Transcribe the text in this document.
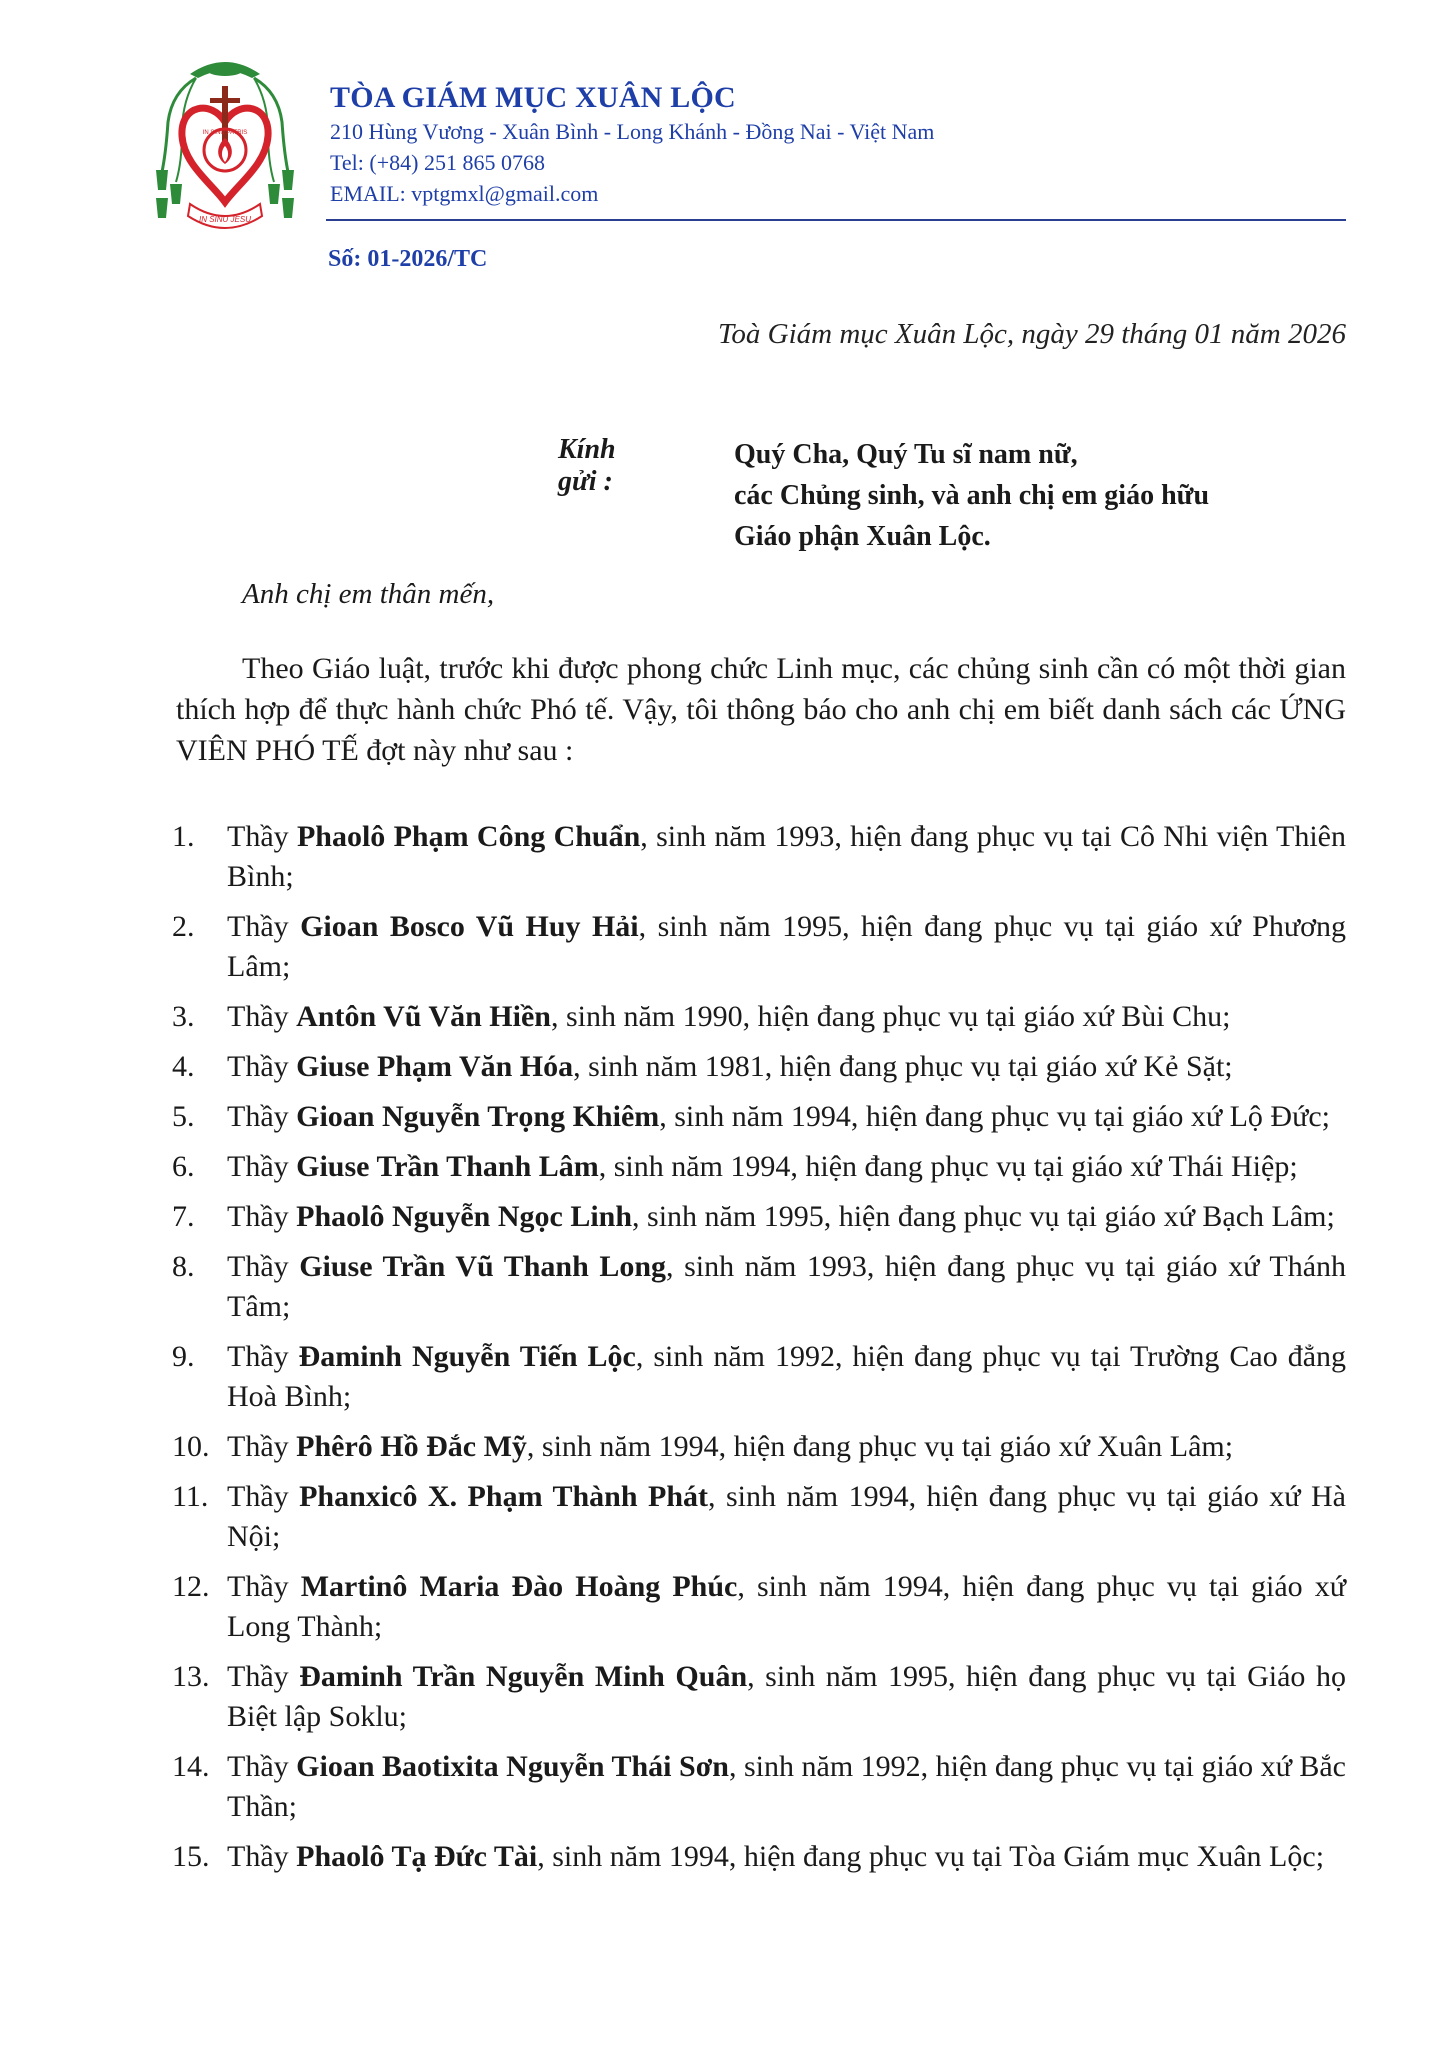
IN SINU PATRIS
IN SINU JESU
TÒA GIÁM MỤC XUÂN LỘC
210 Hùng Vương - Xuân Bình - Long Khánh - Đồng Nai - Việt Nam
Tel: (+84) 251 865 0768
EMAIL: vptgmxl@gmail.com
Số: 01-2026/TC
Toà Giám mục Xuân Lộc, ngày 29 tháng 01 năm 2026
Kính gửi :
Quý Cha, Quý Tu sĩ nam nữ,
các Chủng sinh, và anh chị em giáo hữu
Giáo phận Xuân Lộc.
Anh chị em thân mến,
Theo Giáo luật, trước khi được phong chức Linh mục, các chủng sinh cần có một thời gian thích hợp để thực hành chức Phó tế. Vậy, tôi thông báo cho anh chị em biết danh sách các ỨNG VIÊN PHÓ TẾ đợt này như sau :
1.	Thầy Phaolô Phạm Công Chuẩn, sinh năm 1993, hiện đang phục vụ tại Cô Nhi viện Thiên Bình;
2.	Thầy Gioan Bosco Vũ Huy Hải, sinh năm 1995, hiện đang phục vụ tại giáo xứ Phương Lâm;
3.	Thầy Antôn Vũ Văn Hiền, sinh năm 1990, hiện đang phục vụ tại giáo xứ Bùi Chu;
4.	Thầy Giuse Phạm Văn Hóa, sinh năm 1981, hiện đang phục vụ tại giáo xứ Kẻ Sặt;
5.	Thầy Gioan Nguyễn Trọng Khiêm, sinh năm 1994, hiện đang phục vụ tại giáo xứ Lộ Đức;
6.	Thầy Giuse Trần Thanh Lâm, sinh năm 1994, hiện đang phục vụ tại giáo xứ Thái Hiệp;
7.	Thầy Phaolô Nguyễn Ngọc Linh, sinh năm 1995, hiện đang phục vụ tại giáo xứ Bạch Lâm;
8.	Thầy Giuse Trần Vũ Thanh Long, sinh năm 1993, hiện đang phục vụ tại giáo xứ Thánh Tâm;
9.	Thầy Đaminh Nguyễn Tiến Lộc, sinh năm 1992, hiện đang phục vụ tại Trường Cao đẳng Hoà Bình;
10. Thầy Phêrô Hồ Đắc Mỹ, sinh năm 1994, hiện đang phục vụ tại giáo xứ Xuân Lâm;
11. Thầy Phanxicô X. Phạm Thành Phát, sinh năm 1994, hiện đang phục vụ tại giáo xứ Hà Nội;
12. Thầy Martinô Maria Đào Hoàng Phúc, sinh năm 1994, hiện đang phục vụ tại giáo xứ Long Thành;
13. Thầy Đaminh Trần Nguyễn Minh Quân, sinh năm 1995, hiện đang phục vụ tại Giáo họ Biệt lập Soklu;
14. Thầy Gioan Baotixita Nguyễn Thái Sơn, sinh năm 1992, hiện đang phục vụ tại giáo xứ Bắc Thần;
15. Thầy Phaolô Tạ Đức Tài, sinh năm 1994, hiện đang phục vụ tại Tòa Giám mục Xuân Lộc;
